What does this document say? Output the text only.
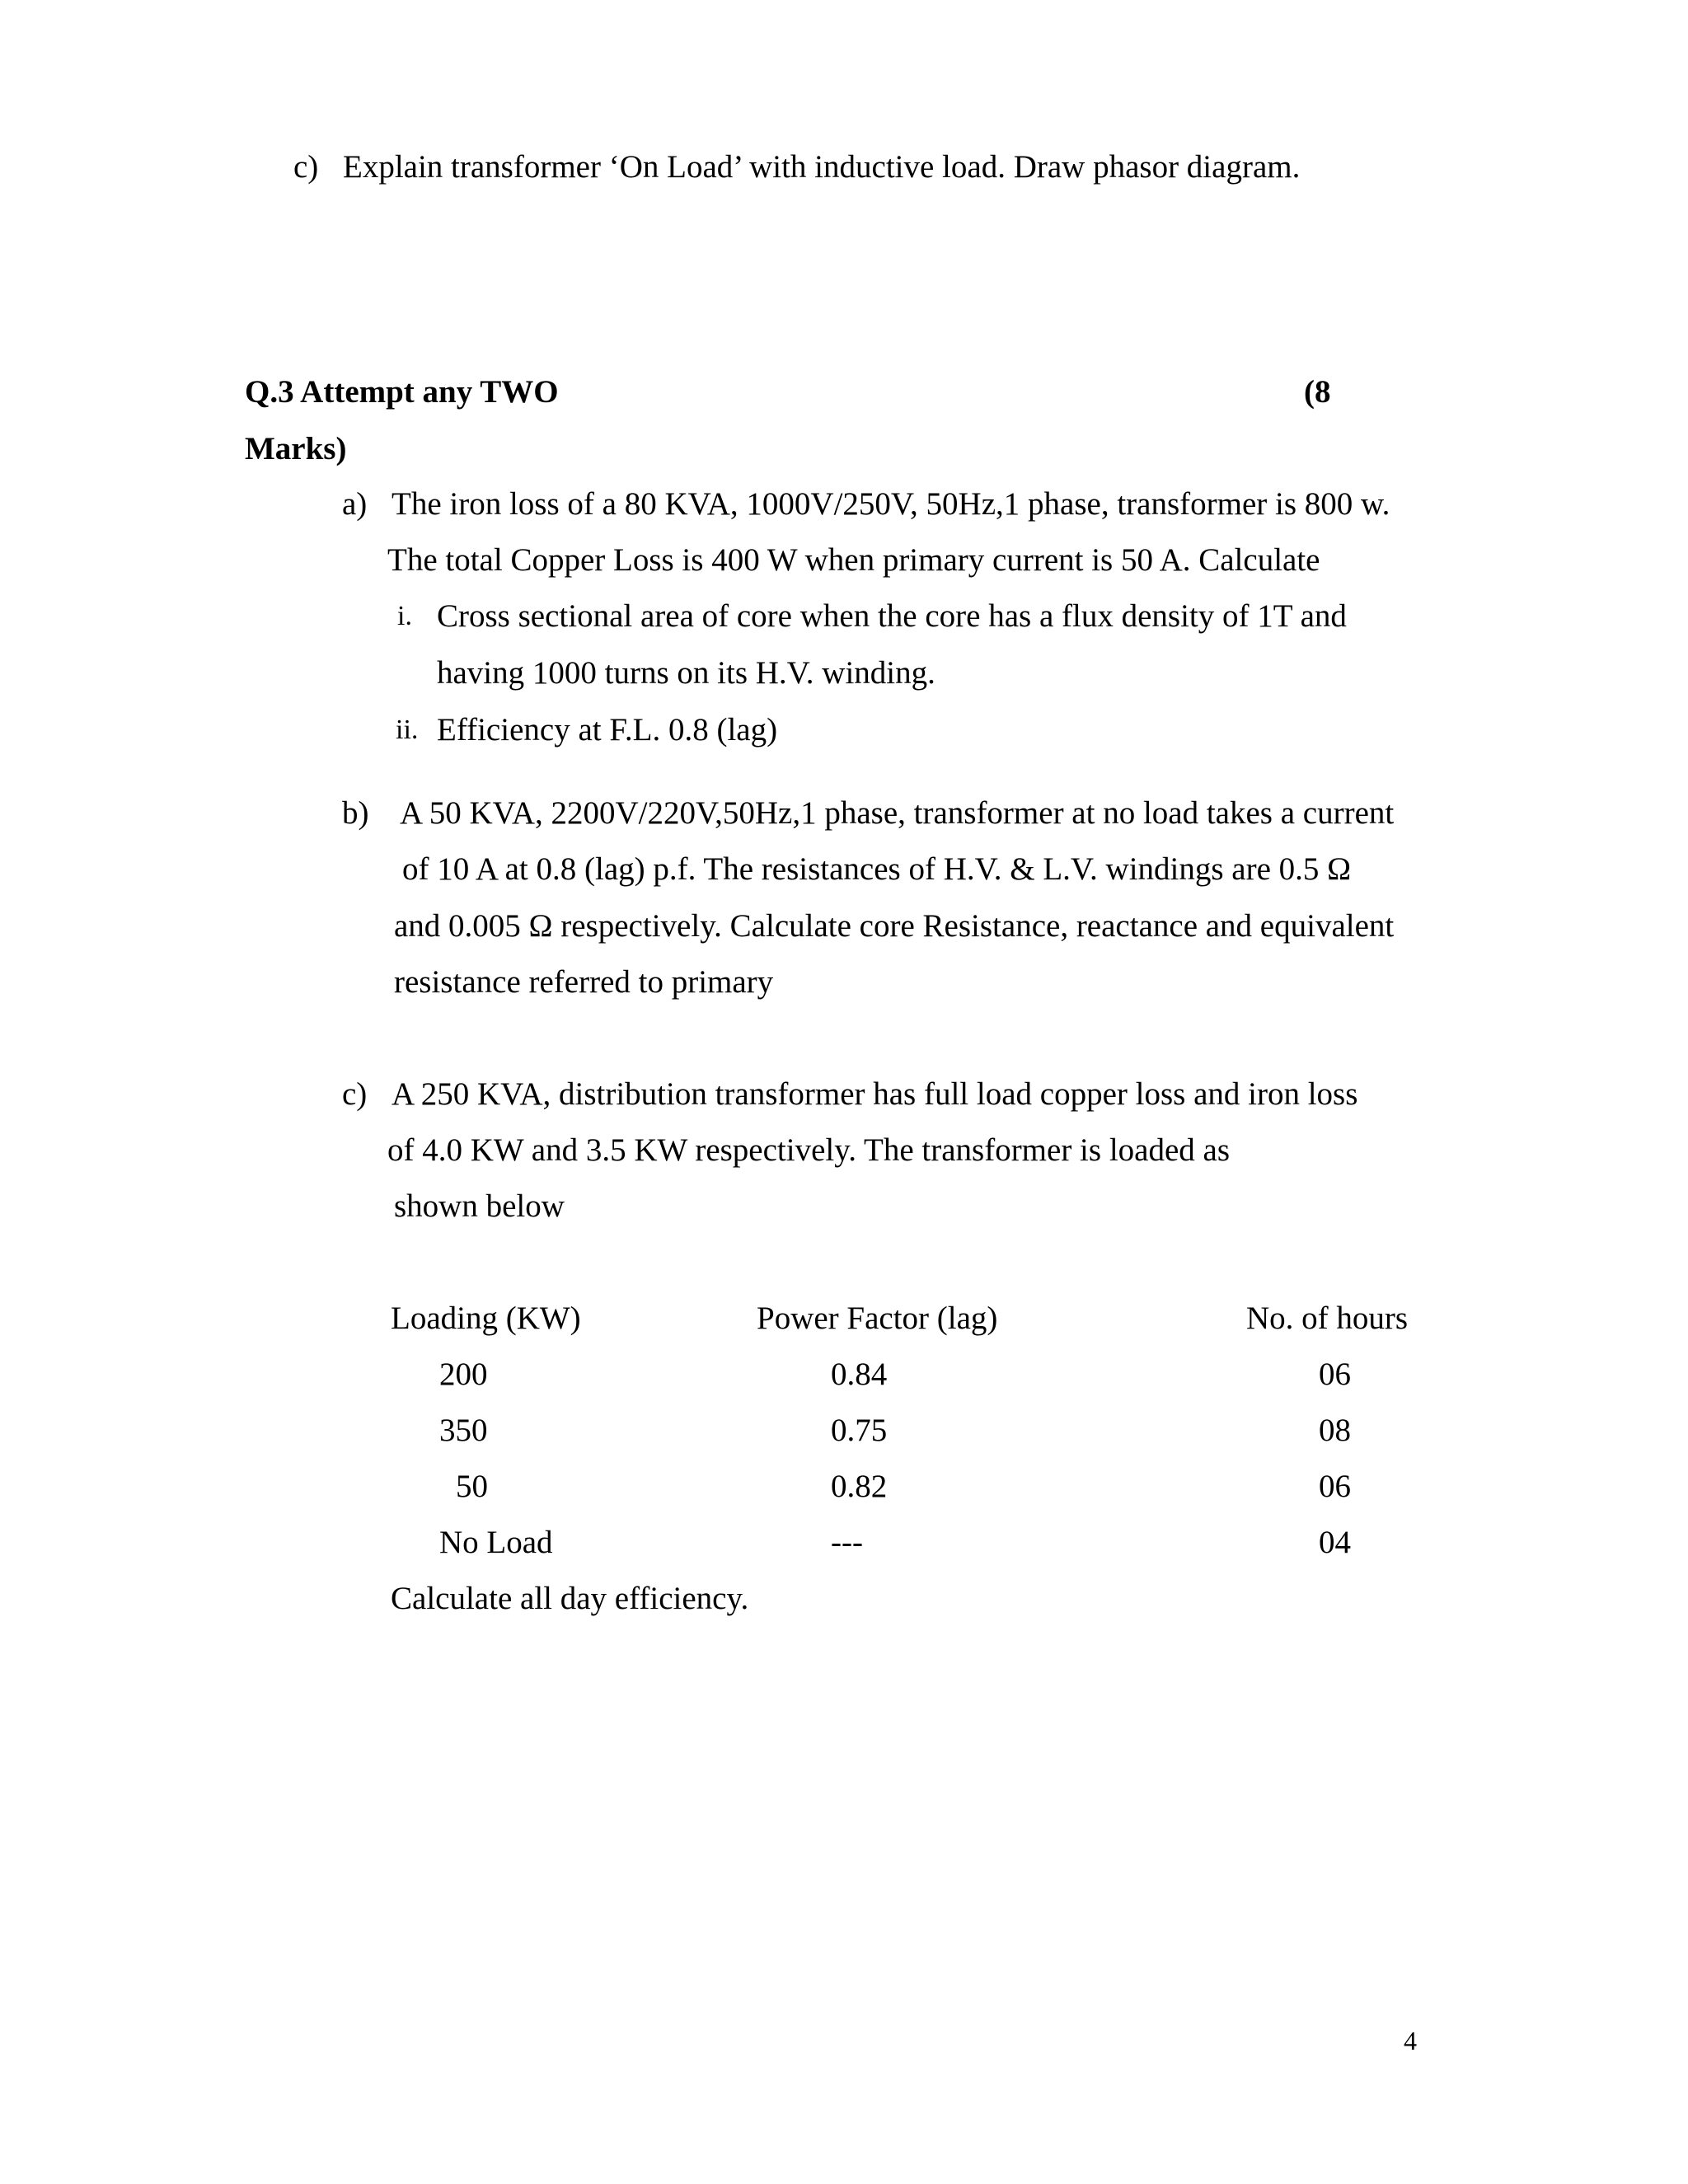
c) Explain transformer ‘On Load’ with inductive load. Draw phasor diagram.
Q.3 Attempt any TWO	(8
Marks)
a) The iron loss of a 80 KVA, 1000V/250V, 50Hz,1 phase, transformer is 800 w.
The total Copper Loss is 400 W when primary current is 50 A. Calculate
i. Cross sectional area of core when the core has a flux density of 1T and
having 1000 turns on its H.V. winding.
ii. Efficiency at F.L. 0.8 (lag)
b) A 50 KVA, 2200V/220V,50Hz,1 phase, transformer at no load takes a current
of 10 A at 0.8 (lag) p.f. The resistances of H.V. & L.V. windings are 0.5 Ω
and 0.005 Ω respectively. Calculate core Resistance, reactance and equivalent
resistance referred to primary
c) A 250 KVA, distribution transformer has full load copper loss and iron loss
of 4.0 KW and 3.5 KW respectively. The transformer is loaded as
shown below
Loading (KW)	Power Factor (lag)	No. of hours
200	0.84	06
350	0.75	08
50	0.82	06
No Load	---	04
Calculate all day efficiency.
4
